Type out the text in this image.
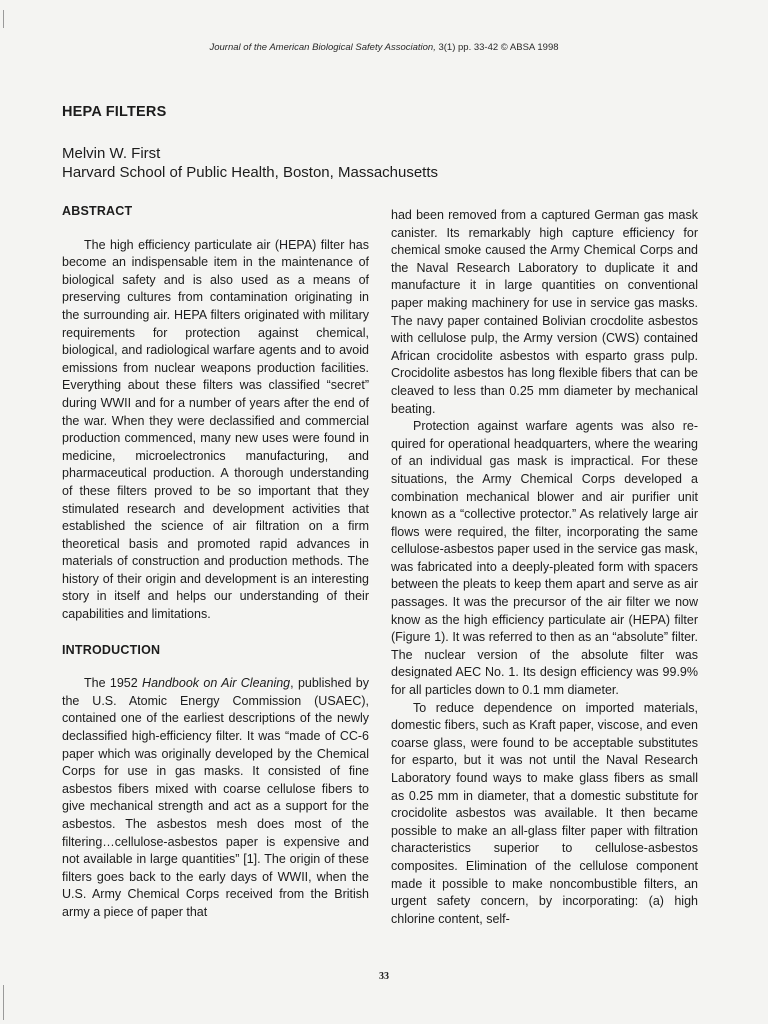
Journal of the American Biological Safety Association, 3(1) pp. 33-42 © ABSA 1998
HEPA FILTERS
Melvin W. First
Harvard School of Public Health, Boston, Massachusetts
ABSTRACT

The high efficiency particulate air (HEPA) filter has become an indispensable item in the maintenance of biological safety and is also used as a means of preserving cultures from contamination originating in the surrounding air. HEPA filters originated with military requirements for protection against chemical, biological, and radiological warfare agents and to avoid emissions from nuclear weapons production facilities. Everything about these filters was classified “secret” during WWII and for a number of years after the end of the war. When they were declassified and commercial production commenced, many new uses were found in medicine, microelectronics manufacturing, and pharmaceutical production. A thorough understanding of these filters proved to be so important that they stimulated research and development activities that established the science of air filtration on a firm theoretical basis and promoted rapid advances in materials of construction and production methods. The history of their origin and development is an interesting story in itself and helps our understanding of their capabilities and limitations.

INTRODUCTION

The 1952 Handbook on Air Cleaning, published by the U.S. Atomic Energy Commission (USAEC), contained one of the earliest descriptions of the newly declassified high-efficiency filter. It was “made of CC-6 paper which was originally developed by the Chemical Corps for use in gas masks. It consisted of fine asbestos fibers mixed with coarse cellulose fibers to give mechanical strength and act as a support for the asbestos. The asbestos mesh does most of the filtering…cellulose-asbestos paper is expensive and not available in large quantities” [1]. The origin of these filters goes back to the early days of WWII, when the U.S. Army Chemical Corps received from the British army a piece of paper that

had been removed from a captured German gas mask canister. Its remarkably high capture efficiency for chemical smoke caused the Army Chemical Corps and the Naval Research Laboratory to duplicate it and manufacture it in large quantities on conventional paper making machinery for use in service gas masks. The navy paper contained Bolivian crocdolite asbestos with cellulose pulp, the Army version (CWS) contained African crocidolite asbestos with esparto grass pulp. Crocidolite asbestos has long flexible fibers that can be cleaved to less than 0.25 mm diameter by mechanical beating.

Protection against warfare agents was also required for operational headquarters, where the wearing of an individual gas mask is impractical. For these situations, the Army Chemical Corps developed a combination mechanical blower and air purifier unit known as a “collective protector.” As relatively large air flows were required, the filter, incorporating the same cellulose-asbestos paper used in the service gas mask, was fabricated into a deeply-pleated form with spacers between the pleats to keep them apart and serve as air passages. It was the precursor of the air filter we now know as the high efficiency particulate air (HEPA) filter (Figure 1). It was referred to then as an “absolute” filter. The nuclear version of the absolute filter was designated AEC No. 1. Its design efficiency was 99.9% for all particles down to 0.1 mm diameter.

To reduce dependence on imported materials, domestic fibers, such as Kraft paper, viscose, and even coarse glass, were found to be acceptable substitutes for esparto, but it was not until the Naval Research Laboratory found ways to make glass fibers as small as 0.25 mm in diameter, that a domestic substitute for crocidolite asbestos was available. It then became possible to make an all-glass filter paper with filtration characteristics superior to cellulose-asbestos composites. Elimination of the cellulose component made it possible to make noncombustible filters, an urgent safety concern, by incorporating: (a) high chlorine content, self-

33
